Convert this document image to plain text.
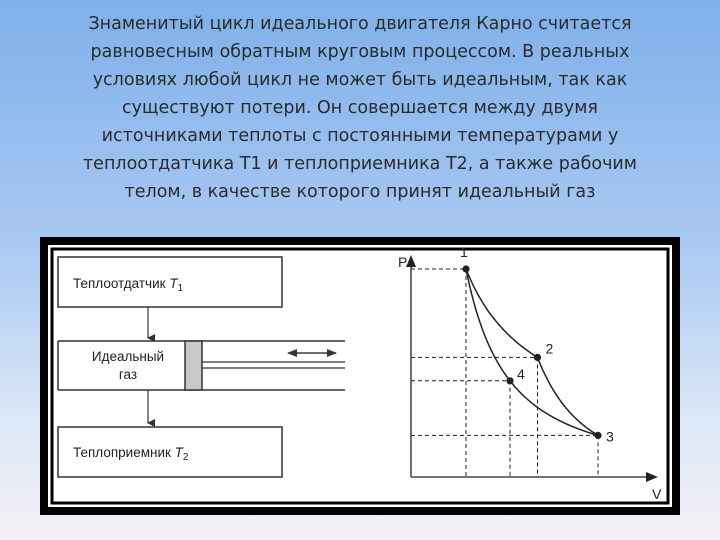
Знаменитый цикл идеального двигателя Карно считается
равновесным обратным круговым процессом. В реальных
условиях любой цикл не может быть идеальным, так как
существуют потери. Он совершается между двумя
источниками теплоты с постоянными температурами у
теплоотдатчика Т1 и теплоприемника Т2, а также рабочим
телом, в качестве которого принят идеальный газ
Теплоотдатчик $T_1$
Идеальный
газ
Теплоприемник $T_2$
P
V
1
2
4
3
